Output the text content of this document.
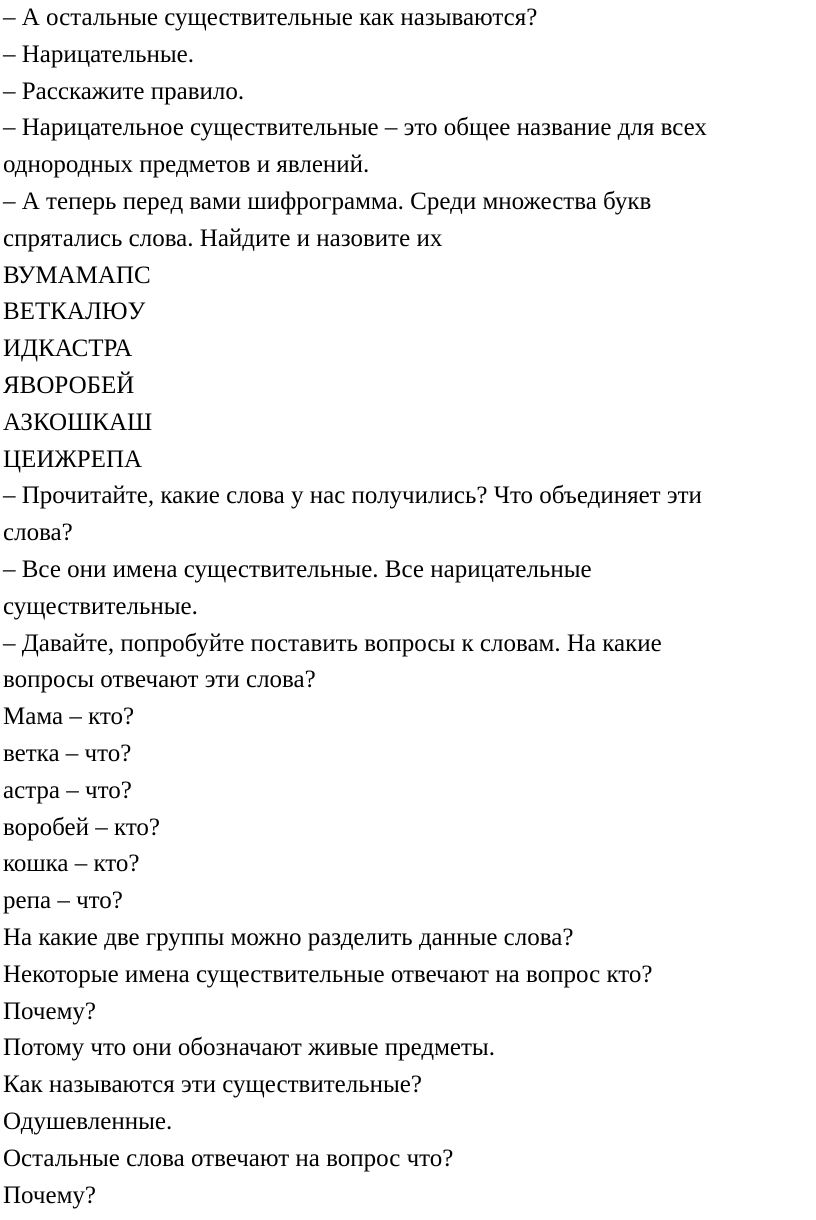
– А остальные существительные как называются?

– Нарицательные.

– Расскажите правило.

– Нарицательное существительные – это общее название для всех

однородных предметов и явлений.

– А теперь перед вами шифрограмма. Среди множества букв

спрятались слова. Найдите и назовите их

ВУМАМАПС

ВЕТКАЛЮУ

ИДКАСТРА

ЯВОРОБЕЙ

АЗКОШКАШ

ЦЕИЖРЕПА

– Прочитайте, какие слова у нас получились? Что объединяет эти

слова?

– Все они имена существительные. Все нарицательные

существительные.

– Давайте, попробуйте поставить вопросы к словам. На какие

вопросы отвечают эти слова?

Мама – кто?

ветка – что?

астра – что?

воробей – кто?

кошка – кто?

репа – что?

На какие две группы можно разделить данные слова?

Некоторые имена существительные отвечают на вопрос кто?

Почему?

Потому что они обозначают живые предметы.

Как называются эти существительные?

Одушевленные.

Остальные слова отвечают на вопрос что?

Почему?
